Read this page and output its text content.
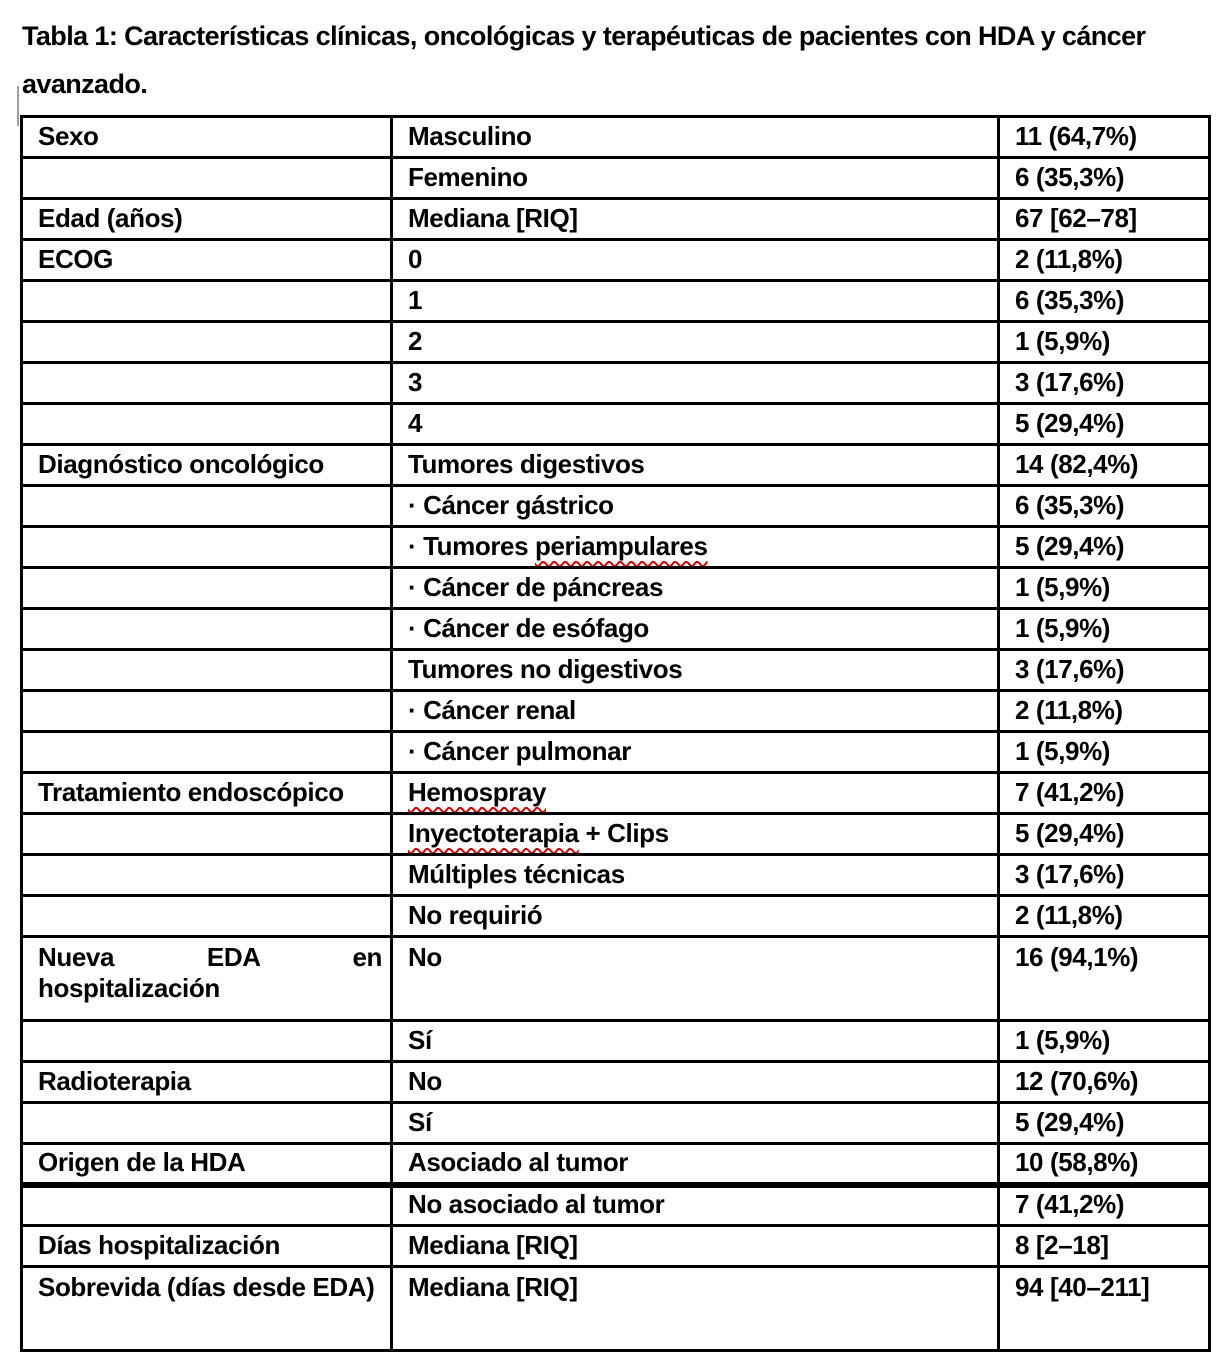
Tabla 1: Características clínicas, oncológicas y terapéuticas de pacientes con HDA y cáncer
avanzado.
Sexo	Masculino	11 (64,7%)
	Femenino	6 (35,3%)
Edad (años)	Mediana [RIQ]	67 [62–78]
ECOG	0	2 (11,8%)
	1	6 (35,3%)
	2	1 (5,9%)
	3	3 (17,6%)
	4	5 (29,4%)
Diagnóstico oncológico	Tumores digestivos	14 (82,4%)
	· Cáncer gástrico	6 (35,3%)
	· Tumores periampulares	5 (29,4%)
	· Cáncer de páncreas	1 (5,9%)
	· Cáncer de esófago	1 (5,9%)
	Tumores no digestivos	3 (17,6%)
	· Cáncer renal	2 (11,8%)
	· Cáncer pulmonar	1 (5,9%)
Tratamiento endoscópico	Hemospray	7 (41,2%)
	Inyectoterapia + Clips	5 (29,4%)
	Múltiples técnicas	3 (17,6%)
	No requirió	2 (11,8%)
Nueva EDA en hospitalización	No	16 (94,1%)
	Sí	1 (5,9%)
Radioterapia	No	12 (70,6%)
	Sí	5 (29,4%)
Origen de la HDA	Asociado al tumor	10 (58,8%)
	No asociado al tumor	7 (41,2%)
Días hospitalización	Mediana [RIQ]	8 [2–18]
Sobrevida (días desde EDA)	Mediana [RIQ]	94 [40–211]
